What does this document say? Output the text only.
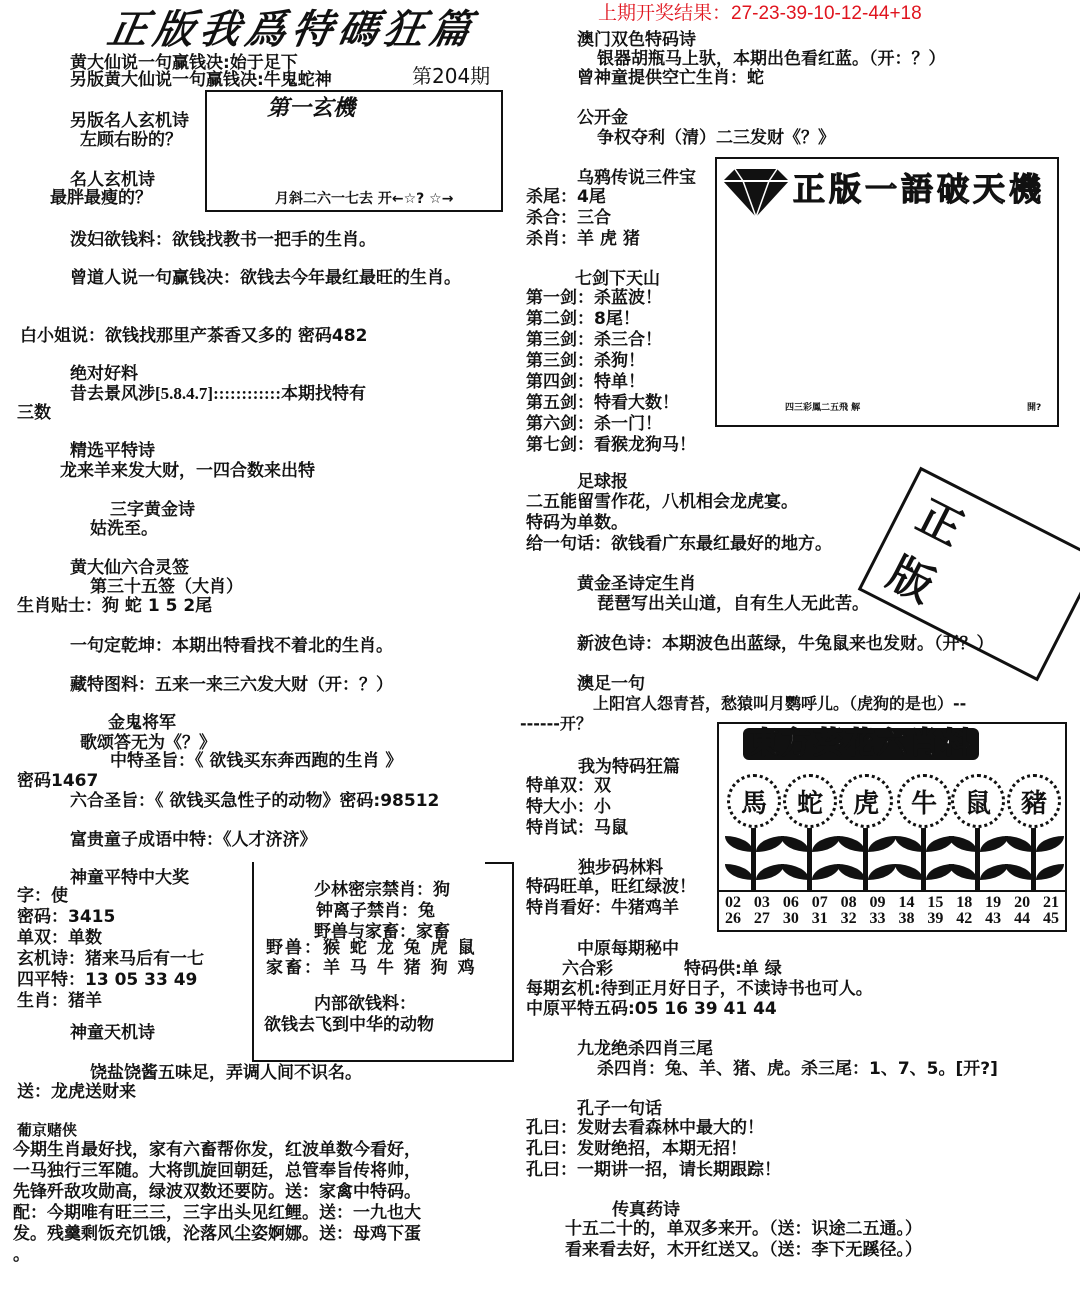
正版我爲特碼狂篇	上期开奖结果：27-23-39-10-12-44+18
黄大仙说一句赢钱决:始于足下
另版黄大仙说一句赢钱决:牛鬼蛇神	第204期
另版名人玄机诗
左顾右盼的？
名人玄机诗
最胖最瘦的？
第一玄機
月斜二六一七去 开←☆? ☆→
泼妇欲钱料：欲钱找教书一把手的生肖。
曾道人说一句赢钱决：欲钱去今年最红最旺的生肖。
白小姐说：欲钱找那里产茶香又多的 密码482
绝对好料
昔去景风涉[5.8.4.7]::::::::::::本期找特有
三数
精选平特诗
龙来羊来发大财，一四合数来出特
三字黄金诗
姑洗至。
黄大仙六合灵签
第三十五签（大肖）
生肖贴士：狗 蛇 1 5 2尾
一句定乾坤：本期出特看找不着北的生肖。
藏特图料：五来一来三六发大财（开：？）
金鬼将军
歌颂答无为《？》
中特圣旨：《 欲钱买东奔西跑的生肖 》
密码1467
六合圣旨：《 欲钱买急性子的动物》密码:98512
富贵童子成语中特：《人才济济》
神童平特中大奖
字：使
密码：3415
单双：单数
玄机诗：猪来马后有一七
四平特：13 05 33 49
生肖：猪羊
少林密宗禁肖：狗
钟离子禁肖：兔
野兽与家畜：家畜
野兽：猴 蛇 龙 兔 虎 鼠
家畜：羊 马 牛 猪 狗 鸡
内部欲钱料：
欲钱去飞到中华的动物
神童天机诗
饶盐饶酱五味足，弄调人间不识名。
送：龙虎送财来
葡京赌侠
今期生肖最好找，家有六畜帮你发，红波单数今看好，
一马独行三军随。大将凯旋回朝廷，总管奉旨传将帅，
先锋歼敌攻勋高，绿波双数还要防。送：家禽中特码。
配：今期唯有旺三三，三字出头见红鲤。送：一九也大
发。残羹剩饭充饥饿，沦落风尘姿婀娜。送：母鸡下蛋
。
澳门双色特码诗
银器胡瓶马上驮，本期出色看红蓝。（开：？）
曾神童提供空亡生肖：蛇
公开金
争权夺利（清）二三发财《？》
乌鸦传说三件宝
杀尾：4尾
杀合：三合
杀肖：羊 虎 猪
正版一語破天機
四三彩鳳二五飛 解	開?
七剑下天山
第一剑：杀蓝波！
第二剑：8尾！
第三剑：杀三合！
第三剑：杀狗！
第四剑：特单！
第五剑：特看大数！
第六剑：杀一门！
第七剑：看猴龙狗马！
足球报
二五能留雪作花，八机相会龙虎宴。
特码为单数。
给一句话：欲钱看广东最红最好的地方。	正版
黄金圣诗定生肖
琵琶写出关山道，自有生人无此苦。
新波色诗：本期波色出蓝绿，牛兔鼠来也发财。（开？）
澳足一句
上阳宫人怨青苔，愁猿叫月鹦呼儿。（虎狗的是也）--
------开？
我为特码狂篇
特单双：双
特大小：小
特肖试：马鼠
独步码林料
特码旺单，旺红绿波！
特肖看好：牛猪鸡羊
東方葵花六肖料
馬 蛇 虎 牛 鼠 豬
02 03 06 07 08 09 14 15 18 19 20 21
26 27 30 31 32 33 38 39 42 43 44 45
中原每期秘中
六合彩	特码供:单 绿
每期玄机:待到正月好日子，不读诗书也可人。
中原平特五码:05 16 39 41 44
九龙绝杀四肖三尾
杀四肖：兔、羊、猪、虎。杀三尾：1、7、5。[开?]
孔子一句话
孔曰：发财去看森林中最大的！
孔曰：发财绝招，本期无招！
孔曰：一期讲一招，请长期跟踪！
传真药诗
十五二十的，单双多来开。（送：识途二五通。）
看来看去好，木开红送又。（送：李下无蹊径。）
